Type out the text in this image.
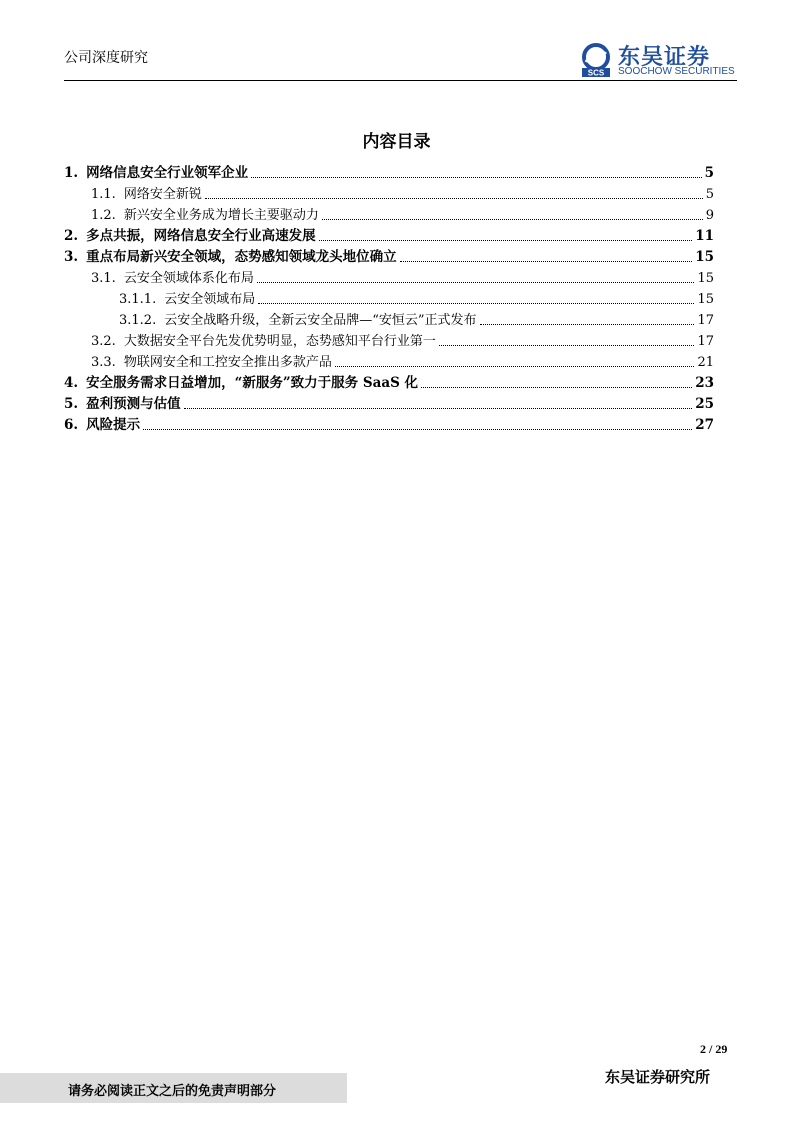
公司深度研究
SCS
东吴证券
SOOCHOW SECURITIES
内容目录
1. 网络信息安全行业领军企业	5
1.1. 网络安全新锐	5
1.2. 新兴安全业务成为增长主要驱动力	9
2. 多点共振，网络信息安全行业高速发展	11
3. 重点布局新兴安全领域，态势感知领域龙头地位确立	15
3.1. 云安全领域体系化布局	15
3.1.1. 云安全领域布局	15
3.1.2. 云安全战略升级，全新云安全品牌—“安恒云”正式发布	17
3.2. 大数据安全平台先发优势明显，态势感知平台行业第一	17
3.3. 物联网安全和工控安全推出多款产品	21
4. 安全服务需求日益增加，“新服务”致力于服务 SaaS 化	23
5. 盈利预测与估值	25
6. 风险提示	27
2 / 29
请务必阅读正文之后的免责声明部分
东吴证券研究所
